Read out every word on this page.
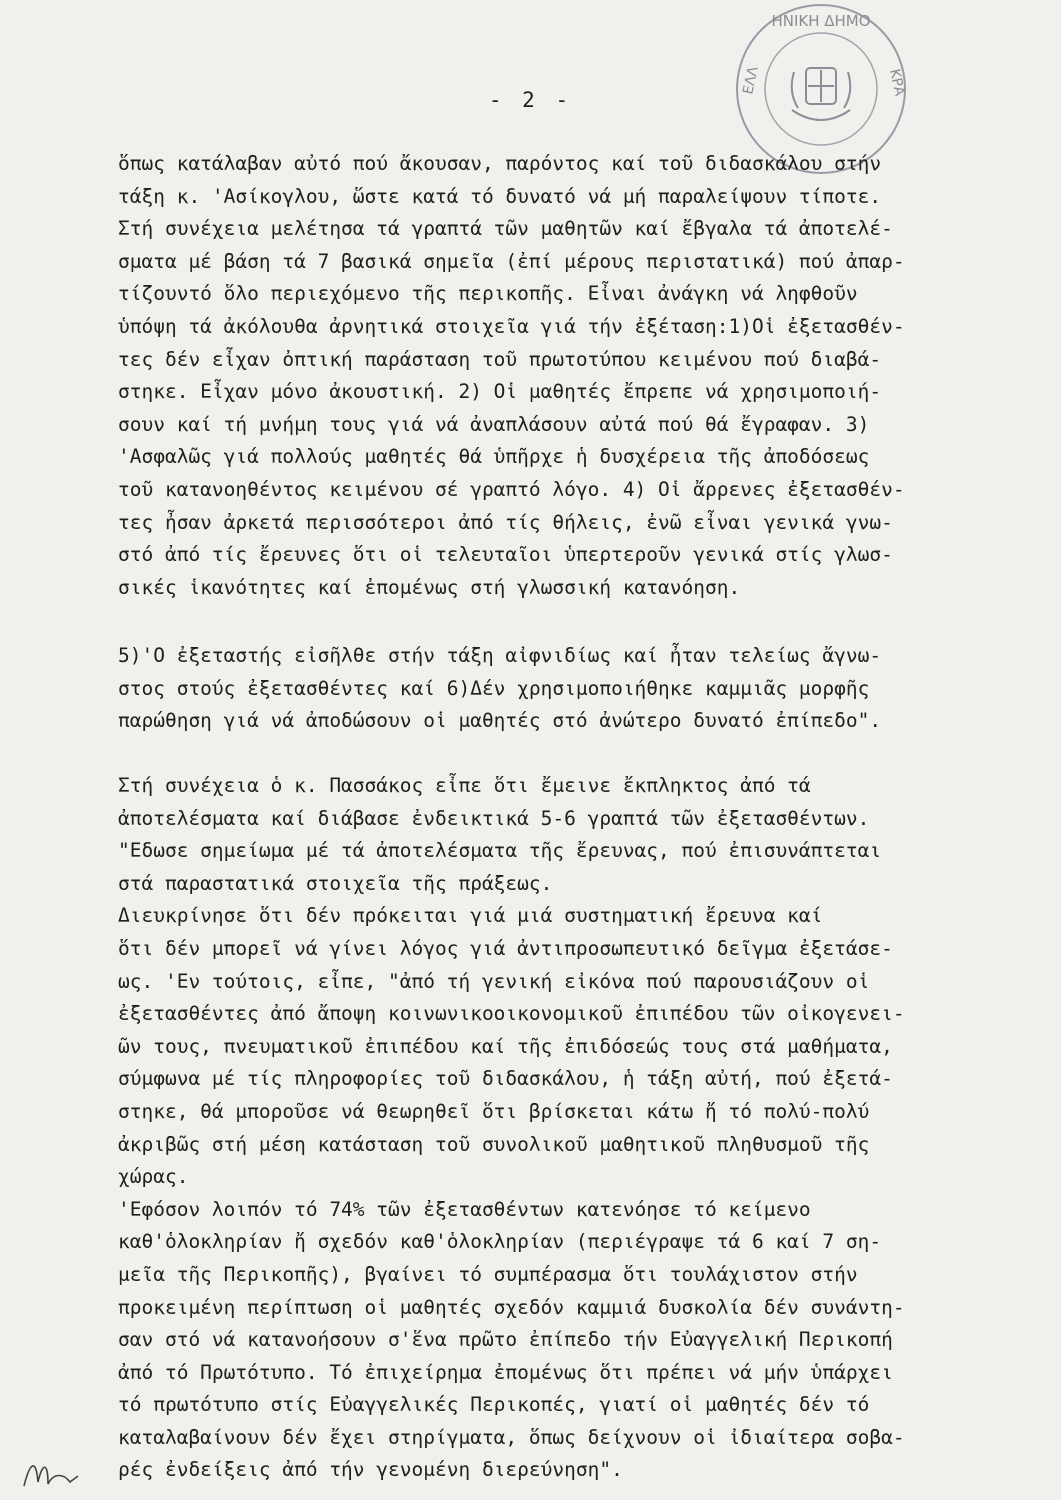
- 2 -
ΗΝΙΚΗ ΔΗΜΟ
ΕΛΛ	ΚΡΑ
ὅπως κατάλαβαν αὐτό πού ἄκουσαν, παρόντος καί τοῦ διδασκάλου στήν
τάξη κ. 'Ασίκογλου, ὥστε κατά τό δυνατό νά μή παραλείψουν τίποτε.
Στή συνέχεια μελέτησα τά γραπτά τῶν μαθητῶν καί ἔβγαλα τά ἀποτελέ-
σματα μέ βάση τά 7 βασικά σημεῖα (ἐπί μέρους περιστατικά) πού ἀπαρ-
τίζουντό ὅλο περιεχόμενο τῆς περικοπῆς. Εἶναι ἀνάγκη νά ληφθοῦν
ὑπόψη τά ἀκόλουθα ἀρνητικά στοιχεῖα γιά τήν ἐξέταση:1)Οἱ ἐξετασθέν-
τες δέν εἶχαν ὀπτική παράσταση τοῦ πρωτοτύπου κειμένου πού διαβά-
στηκε. Εἶχαν μόνο ἀκουστική. 2) Οἱ μαθητές ἔπρεπε νά χρησιμοποιή-
σουν καί τή μνήμη τους γιά νά ἀναπλάσουν αὐτά πού θά ἔγραφαν. 3)
'Ασφαλῶς γιά πολλούς μαθητές θά ὑπῆρχε ἡ δυσχέρεια τῆς ἀποδόσεως
τοῦ κατανοηθέντος κειμένου σέ γραπτό λόγο. 4) Οἱ ἄρρενες ἐξετασθέν-
τες ἦσαν ἀρκετά περισσότεροι ἀπό τίς θήλεις, ἐνῶ εἶναι γενικά γνω-
στό ἀπό τίς ἔρευνες ὅτι οἱ τελευταῖοι ὑπερτεροῦν γενικά στίς γλωσ-
σικές ἱκανότητες καί ἐπομένως στή γλωσσική κατανόηση.
5)'Ο ἐξεταστής εἰσῆλθε στήν τάξη αἰφνιδίως καί ἦταν τελείως ἄγνω-
στος στούς ἐξετασθέντες καί 6)Δέν χρησιμοποιήθηκε καμμιᾶς μορφῆς
παρώθηση γιά νά ἀποδώσουν οἱ μαθητές στό ἀνώτερο δυνατό ἐπίπεδο".
Στή συνέχεια ὁ κ. Πασσάκος εἶπε ὅτι ἔμεινε ἔκπληκτος ἀπό τά
ἀποτελέσματα καί διάβασε ἐνδεικτικά 5-6 γραπτά τῶν ἐξετασθέντων.
"Εδωσε σημείωμα μέ τά ἀποτελέσματα τῆς ἔρευνας, πού ἐπισυνάπτεται
στά παραστατικά στοιχεῖα τῆς πράξεως.
Διευκρίνησε ὅτι δέν πρόκειται γιά μιά συστηματική ἔρευνα καί
ὅτι δέν μπορεῖ νά γίνει λόγος γιά ἀντιπροσωπευτικό δεῖγμα ἐξετάσε-
ως. 'Εν τούτοις, εἶπε, "ἀπό τή γενική εἰκόνα πού παρουσιάζουν οἱ
ἐξετασθέντες ἀπό ἄποψη κοινωνικοοικονομικοῦ ἐπιπέδου τῶν οἰκογενει-
ῶν τους, πνευματικοῦ ἐπιπέδου καί τῆς ἐπιδόσεώς τους στά μαθήματα,
σύμφωνα μέ τίς πληροφορίες τοῦ διδασκάλου, ἡ τάξη αὐτή, πού ἐξετά-
στηκε, θά μποροῦσε νά θεωρηθεῖ ὅτι βρίσκεται κάτω ἤ τό πολύ-πολύ
ἀκριβῶς στή μέση κατάσταση τοῦ συνολικοῦ μαθητικοῦ πληθυσμοῦ τῆς
χώρας.
'Εφόσον λοιπόν τό 74% τῶν ἐξετασθέντων κατενόησε τό κείμενο
καθ'ὁλοκληρίαν ἤ σχεδόν καθ'ὁλοκληρίαν (περιέγραψε τά 6 καί 7 ση-
μεῖα τῆς Περικοπῆς), βγαίνει τό συμπέρασμα ὅτι τουλάχιστον στήν
προκειμένη περίπτωση οἱ μαθητές σχεδόν καμμιά δυσκολία δέν συνάντη-
σαν στό νά κατανοήσουν σ'ἕνα πρῶτο ἐπίπεδο τήν Εὐαγγελική Περικοπή
ἀπό τό Πρωτότυπο. Τό ἐπιχείρημα ἐπομένως ὅτι πρέπει νά μήν ὑπάρχει
τό πρωτότυπο στίς Εὐαγγελικές Περικοπές, γιατί οἱ μαθητές δέν τό
καταλαβαίνουν δέν ἔχει στηρίγματα, ὅπως δείχνουν οἱ ἰδιαίτερα σοβα-
ρές ἐνδείξεις ἀπό τήν γενομένη διερεύνηση".
